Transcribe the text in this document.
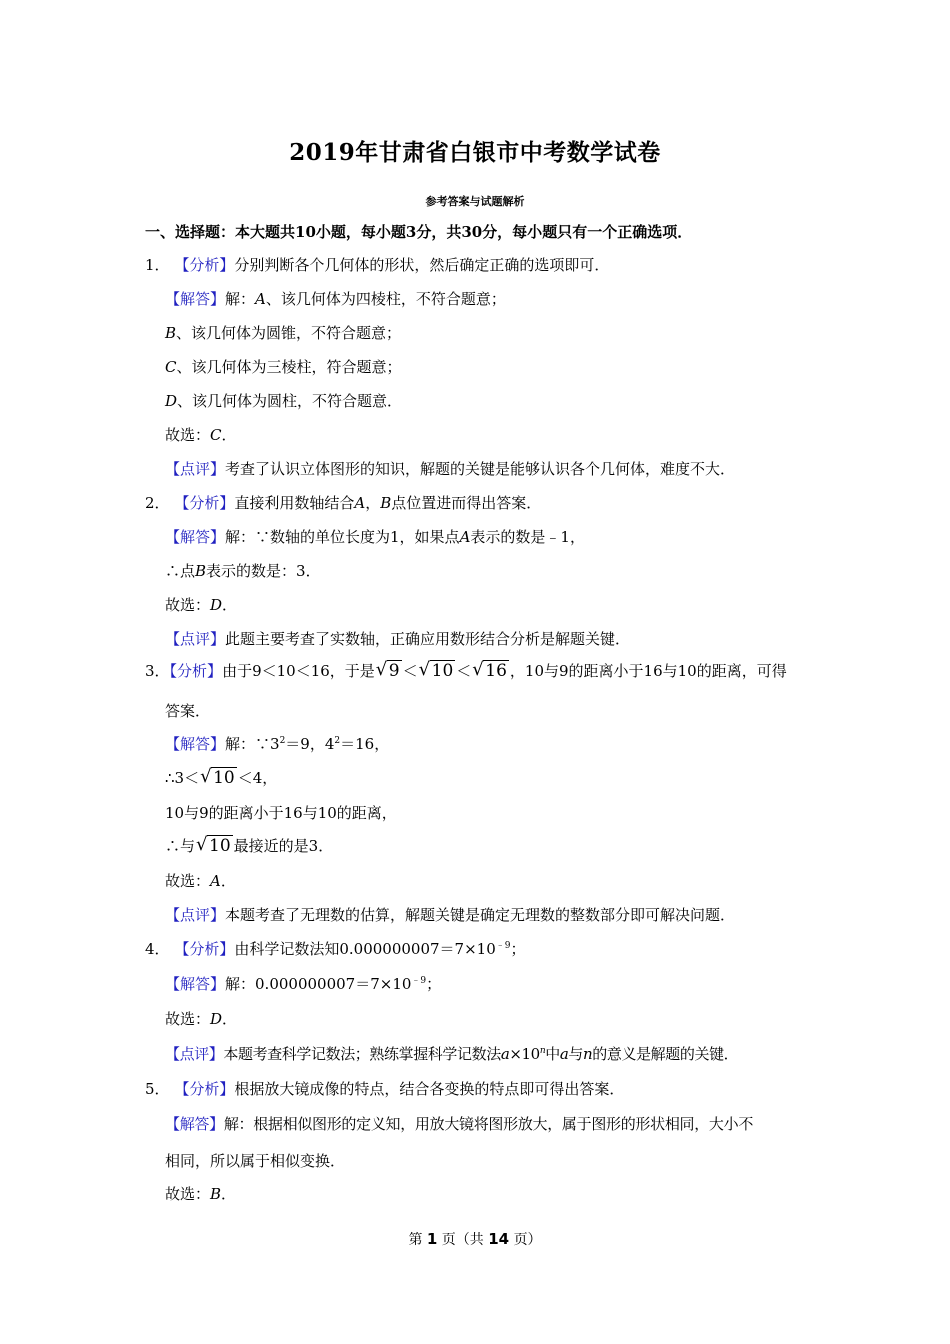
2019年甘肃省白银市中考数学试卷
参考答案与试题解析
一、选择题：本大题共10小题，每小题3分，共30分，每小题只有一个正确选项．
1． 【分析】分别判断各个几何体的形状，然后确定正确的选项即可．
【解答】解：A、该几何体为四棱柱，不符合题意；
B、该几何体为圆锥，不符合题意；
C、该几何体为三棱柱，符合题意；
D、该几何体为圆柱，不符合题意．
故选：C．
【点评】考查了认识立体图形的知识，解题的关键是能够认识各个几何体，难度不大．
2． 【分析】直接利用数轴结合A，B点位置进而得出答案．
【解答】解：∵数轴的单位长度为1，如果点A表示的数是﹣1，
∴点B表示的数是：3．
故选：D．
【点评】此题主要考查了实数轴，正确应用数形结合分析是解题关键．
3．【分析】由于9＜10＜16，于是 √ 9 ＜ √ 10 ＜ √ 16 ，10与9的距离小于16与10的距离，可得
答案．
【解答】解：$\because 3^2=9$，$4^2=16$，
∴3＜ √ 10 ＜4，
10与9的距离小于16与10的距离，
∴与 √ 10 最接近的是3．
故选：A．
【点评】本题考查了无理数的估算，解题关键是确定无理数的整数部分即可解决问题．
4． 【分析】由科学记数法知$0.000000007=7\times 10^{﹣9}$；
【解答】解：$0.000000007=7\times 10^{﹣9}$；
故选：D．
【点评】本题考查科学记数法；熟练掌握科学记数法$a\times 10^n$中a与n的意义是解题的关键．
5． 【分析】根据放大镜成像的特点，结合各变换的特点即可得出答案．
【解答】解：根据相似图形的定义知，用放大镜将图形放大，属于图形的形状相同，大小不
相同，所以属于相似变换．
故选：B．
第 1 页（共 14 页）
